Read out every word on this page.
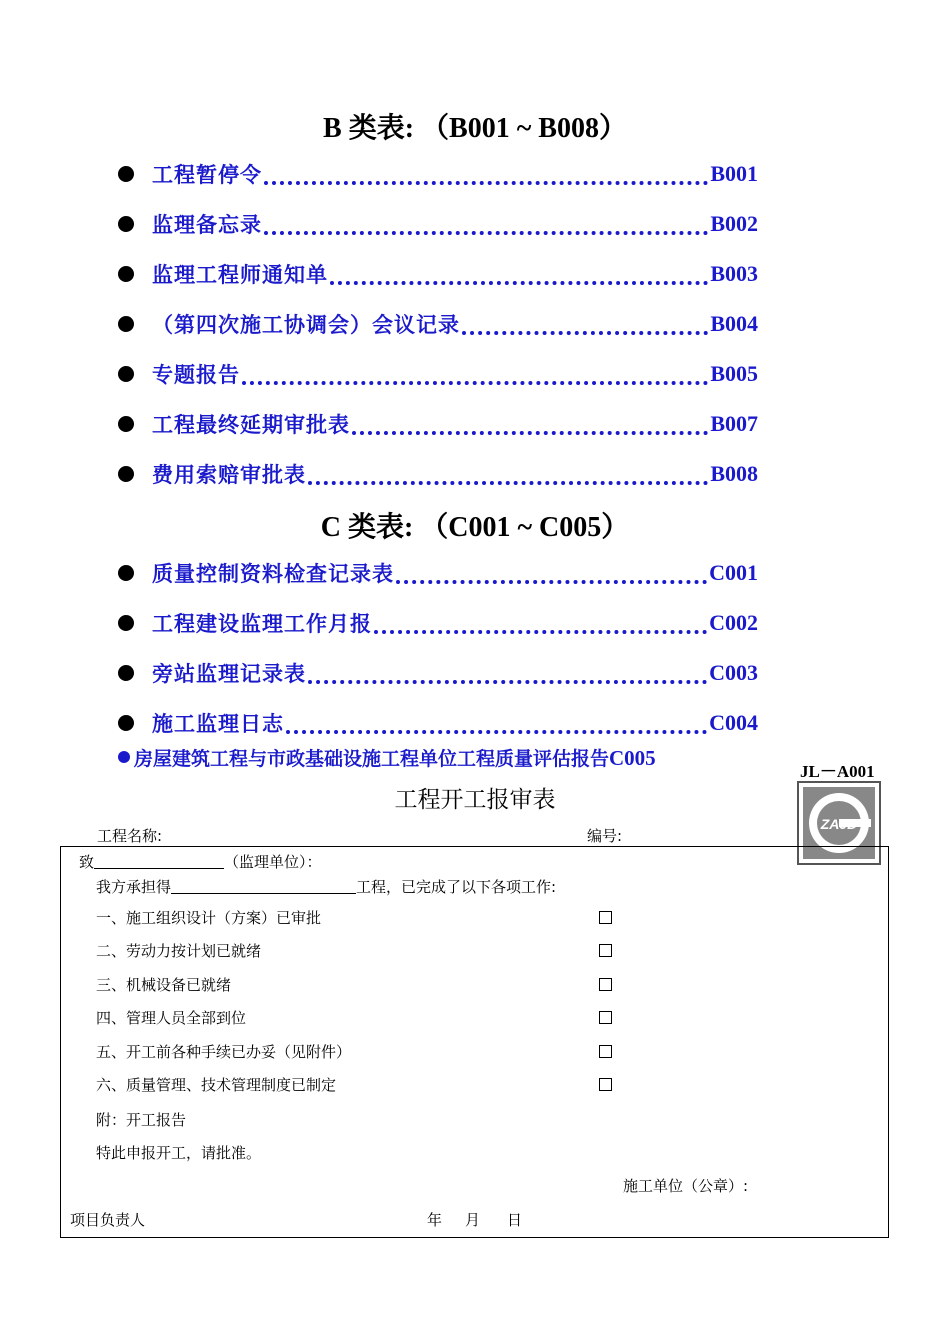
B 类表: （B001 ~ B008）
工程暂停令	B001
监理备忘录	B002
监理工程师通知单	B003
（第四次施工协调会）会议记录	B004
专题报告	B005
工程最终延期审批表	B007
费用索赔审批表	B008
C 类表: （C001 ~ C005）
质量控制资料检查记录表	C001
工程建设监理工作月报	C002
旁站监理记录表	C003
施工监理日志	C004
房屋建筑工程与市政基础设施工程单位工程质量评估报告C005
JL－A001
ZAJD
工程开工报审表
工程名称:	编号:
致	（监理单位）：
我方承担得	工程，已完成了以下各项工作:
一、施工组织设计（方案）已审批
二、劳动力按计划已就绪
三、机械设备已就绪
四、管理人员全部到位
五、开工前各种手续已办妥（见附件）
六、质量管理、技术管理制度已制定
附：开工报告
特此申报开工，请批准。
施工单位（公章）:
项目负责人	年 月 日
